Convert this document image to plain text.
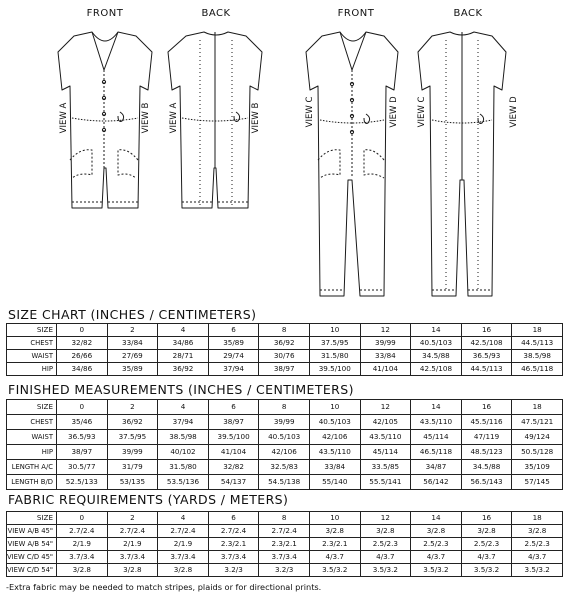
FRONT	BACK	FRONT	BACK
VIEW A	VIEW B VIEW A	VIEW B	VIEW C	VIEW D VIEW C	VIEW D
SIZE CHART (INCHES / CENTIMETERS)
SIZE	0	2	4	6	8	10	12	14	16	18
CHEST	32/82	33/84	34/86	35/89	36/92	37.5/95	39/99	40.5/103	42.5/108	44.5/113
WAIST	26/66	27/69	28/71	29/74	30/76	31.5/80	33/84	34.5/88	36.5/93	38.5/98
HIP	34/86	35/89	36/92	37/94	38/97	39.5/100	41/104	42.5/108	44.5/113	46.5/118
FINISHED MEASUREMENTS (INCHES / CENTIMETERS)
SIZE	0	2	4	6	8	10	12	14	16	18
CHEST	35/46	36/92	37/94	38/97	39/99	40.5/103	42/105	43.5/110	45.5/116	47.5/121
WAIST	36.5/93	37.5/95	38.5/98	39.5/100	40.5/103	42/106	43.5/110	45/114	47/119	49/124
HIP	38/97	39/99	40/102	41/104	42/106	43.5/110	45/114	46.5/118	48.5/123	50.5/128
LENGTH A/C	30.5/77	31/79	31.5/80	32/82	32.5/83	33/84	33.5/85	34/87	34.5/88	35/109
LENGTH B/D	52.5/133	53/135	53.5/136	54/137	54.5/138	55/140	55.5/141	56/142	56.5/143	57/145
FABRIC REQUIREMENTS (YARDS / METERS)
SIZE	0	2	4	6	8	10	12	14	16	18
VIEW A/B 45"	2.7/2.4	2.7/2.4	2.7/2.4	2.7/2.4	2.7/2.4	3/2.8	3/2.8	3/2.8	3/2.8	3/2.8
VIEW A/B 54"	2/1.9	2/1.9	2/1.9	2.3/2.1	2.3/2.1	2.3/2.1	2.5/2.3	2.5/2.3	2.5/2.3	2.5/2.3
VIEW C/D 45"	3.7/3.4	3.7/3.4	3.7/3.4	3.7/3.4	3.7/3.4	4/3.7	4/3.7	4/3.7	4/3.7	4/3.7
VIEW C/D 54"	3/2.8	3/2.8	3/2.8	3.2/3	3.2/3	3.5/3.2	3.5/3.2	3.5/3.2	3.5/3.2	3.5/3.2
-Extra fabric may be needed to match stripes, plaids or for directional prints.
